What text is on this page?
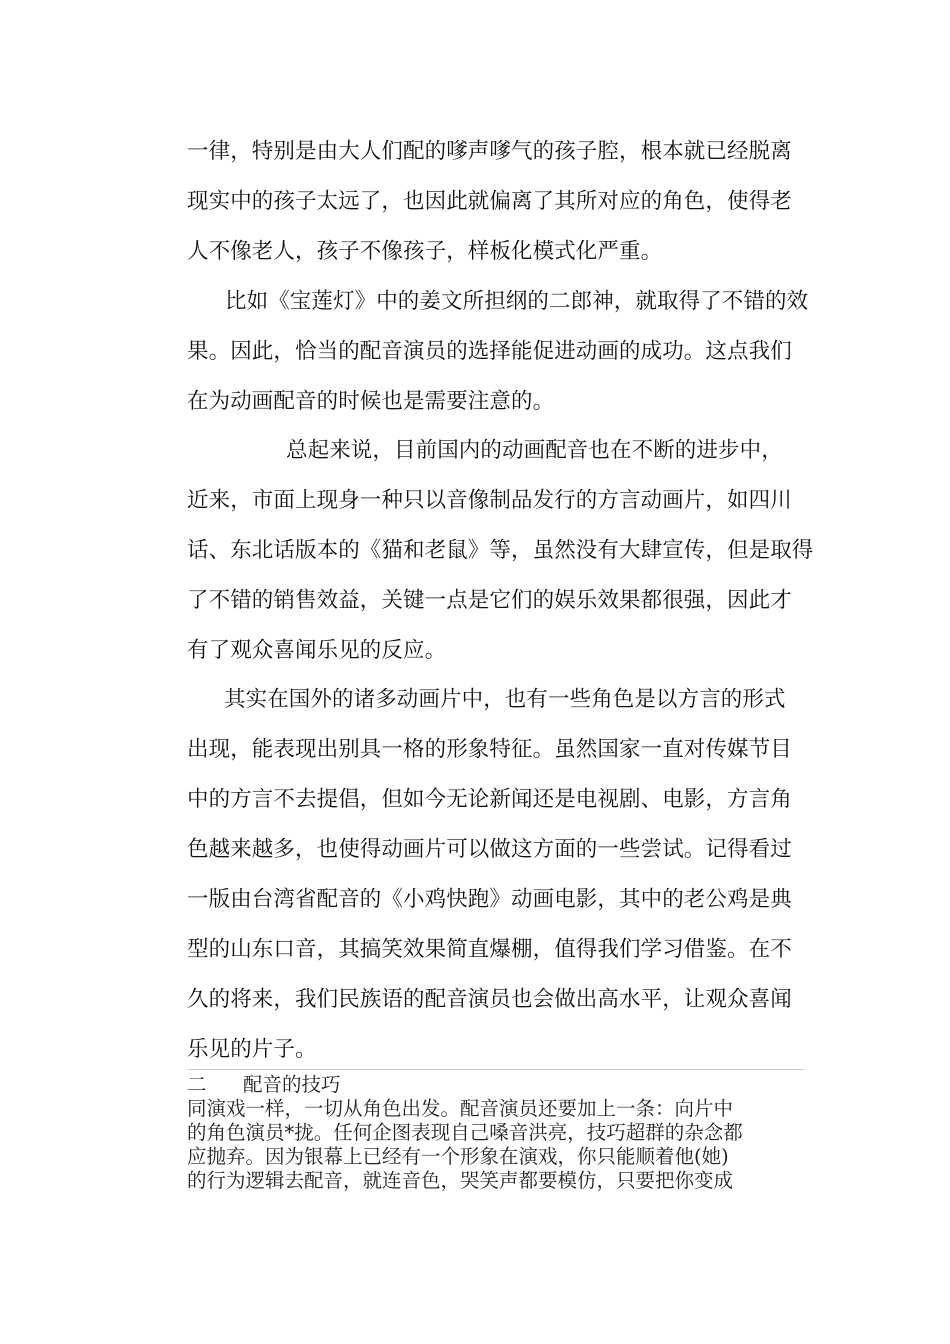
一律，特别是由大人们配的嗲声嗲气的孩子腔，根本就已经脱离
现实中的孩子太远了，也因此就偏离了其所对应的角色，使得老
人不像老人，孩子不像孩子，样板化模式化严重。
比如《宝莲灯》中的姜文所担纲的二郎神，就取得了不错的效
果。因此，恰当的配音演员的选择能促进动画的成功。这点我们
在为动画配音的时候也是需要注意的。
总起来说，目前国内的动画配音也在不断的进步中，
近来，市面上现身一种只以音像制品发行的方言动画片，如四川
话、东北话版本的《猫和老鼠》等，虽然没有大肆宣传，但是取得
了不错的销售效益，关键一点是它们的娱乐效果都很强，因此才
有了观众喜闻乐见的反应。
其实在国外的诸多动画片中，也有一些角色是以方言的形式
出现，能表现出别具一格的形象特征。虽然国家一直对传媒节目
中的方言不去提倡，但如今无论新闻还是电视剧、电影，方言角
色越来越多，也使得动画片可以做这方面的一些尝试。记得看过
一版由台湾省配音的《小鸡快跑》动画电影，其中的老公鸡是典
型的山东口音，其搞笑效果简直爆棚，值得我们学习借鉴。在不
久的将来，我们民族语的配音演员也会做出高水平，让观众喜闻
乐见的片子。
二 配音的技巧
同演戏一样，一切从角色出发。配音演员还要加上一条：向片中
的角色演员*拢。任何企图表现自己嗓音洪亮，技巧超群的杂念都
应抛弃。因为银幕上已经有一个形象在演戏，你只能顺着他(她)
的行为逻辑去配音，就连音色，哭笑声都要模仿，只要把你变成
